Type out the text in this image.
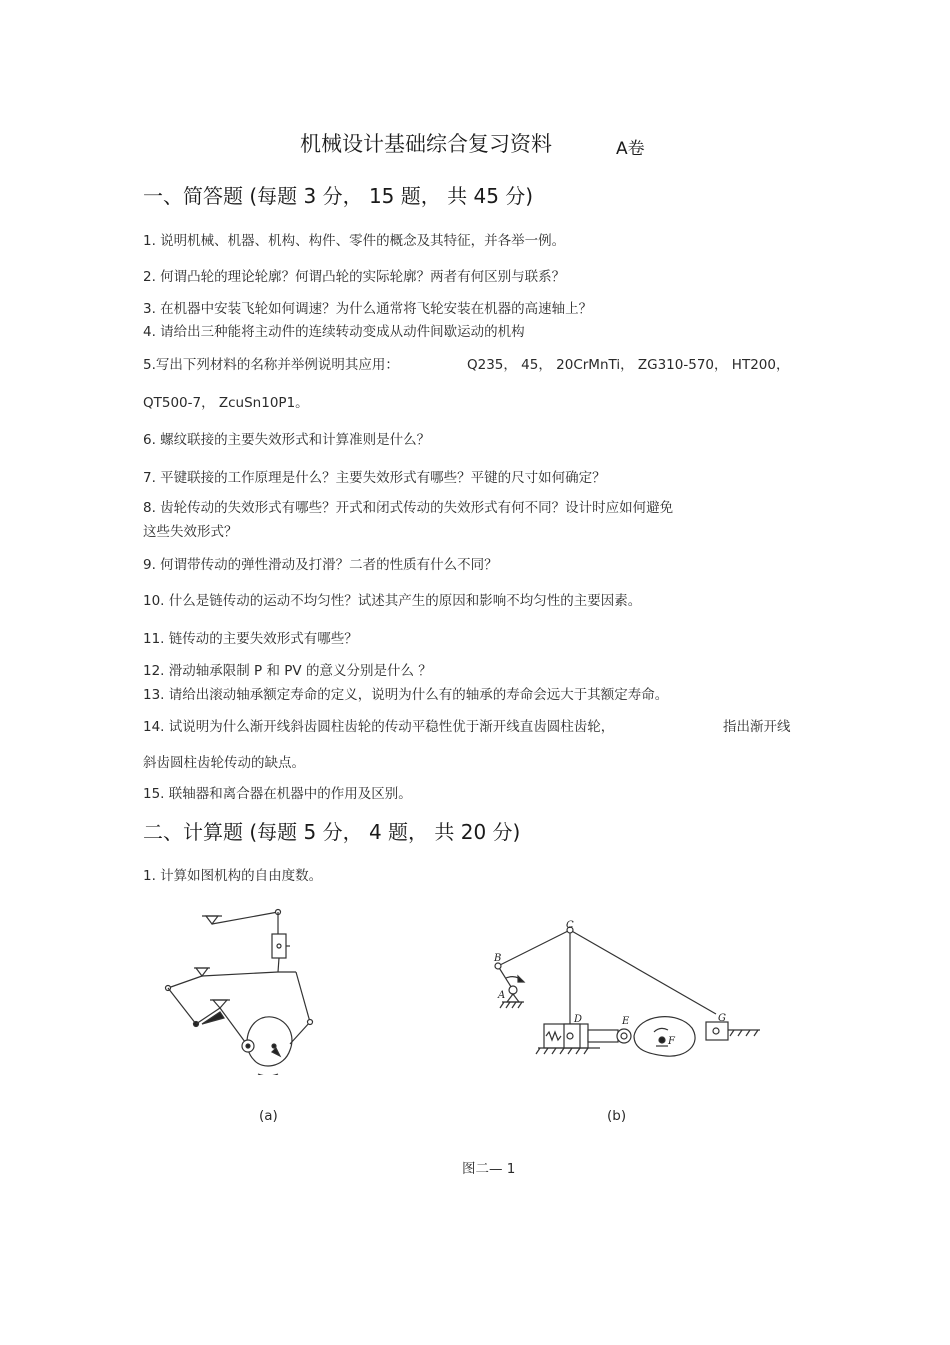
机械设计基础综合复习资料	A卷
一、简答题 (每题 3 分， 15 题， 共 45 分)
1. 说明机械、机器、机构、构件、零件的概念及其特征，并各举一例。
2. 何谓凸轮的理论轮廓？何谓凸轮的实际轮廓？两者有何区别与联系？
3. 在机器中安装飞轮如何调速？为什么通常将飞轮安装在机器的高速轴上？
4. 请给出三种能将主动件的连续转动变成从动件间歇运动的机构
5.写出下列材料的名称并举例说明其应用：	Q235， 45， 20CrMnTi， ZG310-570， HT200，
QT500-7， ZcuSn10P1。
6. 螺纹联接的主要失效形式和计算准则是什么？
7. 平键联接的工作原理是什么？主要失效形式有哪些？平键的尺寸如何确定？
8. 齿轮传动的失效形式有哪些？开式和闭式传动的失效形式有何不同？设计时应如何避免
这些失效形式？
9. 何谓带传动的弹性滑动及打滑？二者的性质有什么不同？
10. 什么是链传动的运动不均匀性？试述其产生的原因和影响不均匀性的主要因素。
11. 链传动的主要失效形式有哪些？
12. 滑动轴承限制 P 和 PV 的意义分别是什么 ？
13. 请给出滚动轴承额定寿命的定义，说明为什么有的轴承的寿命会远大于其额定寿命。
14. 试说明为什么渐开线斜齿圆柱齿轮的传动平稳性优于渐开线直齿圆柱齿轮，	指出渐开线
斜齿圆柱齿轮传动的缺点。
15. 联轴器和离合器在机器中的作用及区别。
二、计算题 (每题 5 分， 4 题， 共 20 分)
1. 计算如图机构的自由度数。
B
C
A
D	E
F
G
(a)	(b)
图二— 1
